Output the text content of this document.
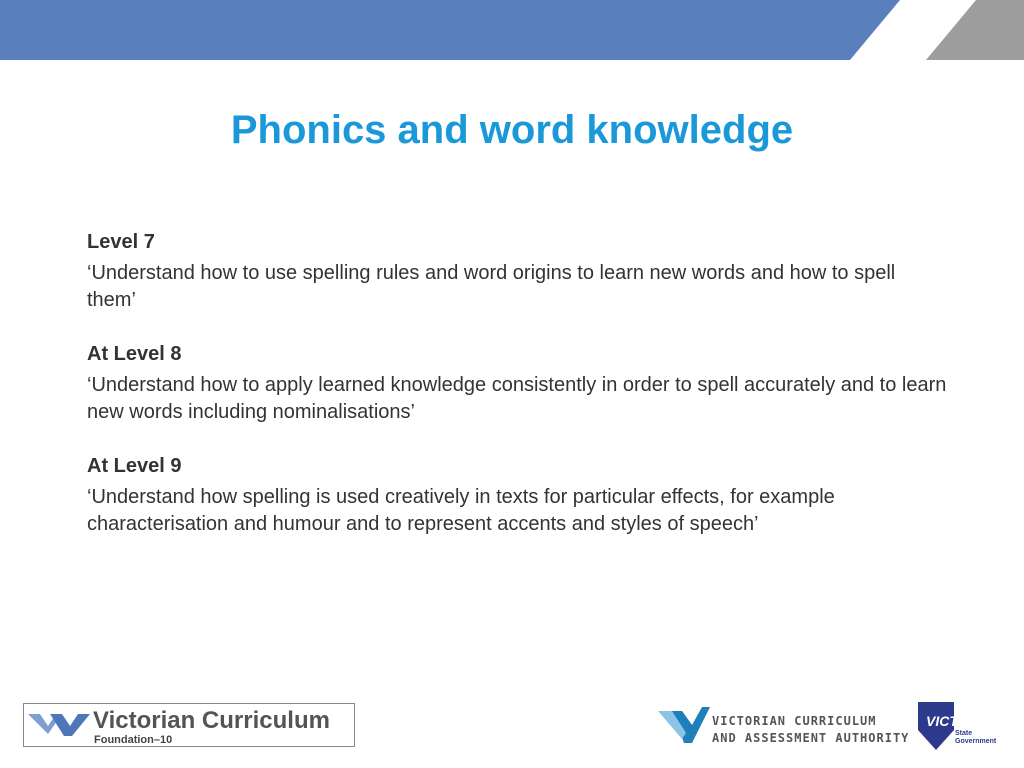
Phonics and word knowledge

Level 7

‘Understand how to use spelling rules and word origins to learn new words and how to spell them’

At Level 8

‘Understand how to apply learned knowledge consistently in order to spell accurately and to learn new words including nominalisations’

At Level 9

‘Understand how spelling is used creatively in texts for particular effects, for example characterisation and humour and to represent accents and styles of speech’

Victorian Curriculum
Foundation–10
VICTORIAN CURRICULUM
AND ASSESSMENT AUTHORITY
VICTORIA
State
Government
